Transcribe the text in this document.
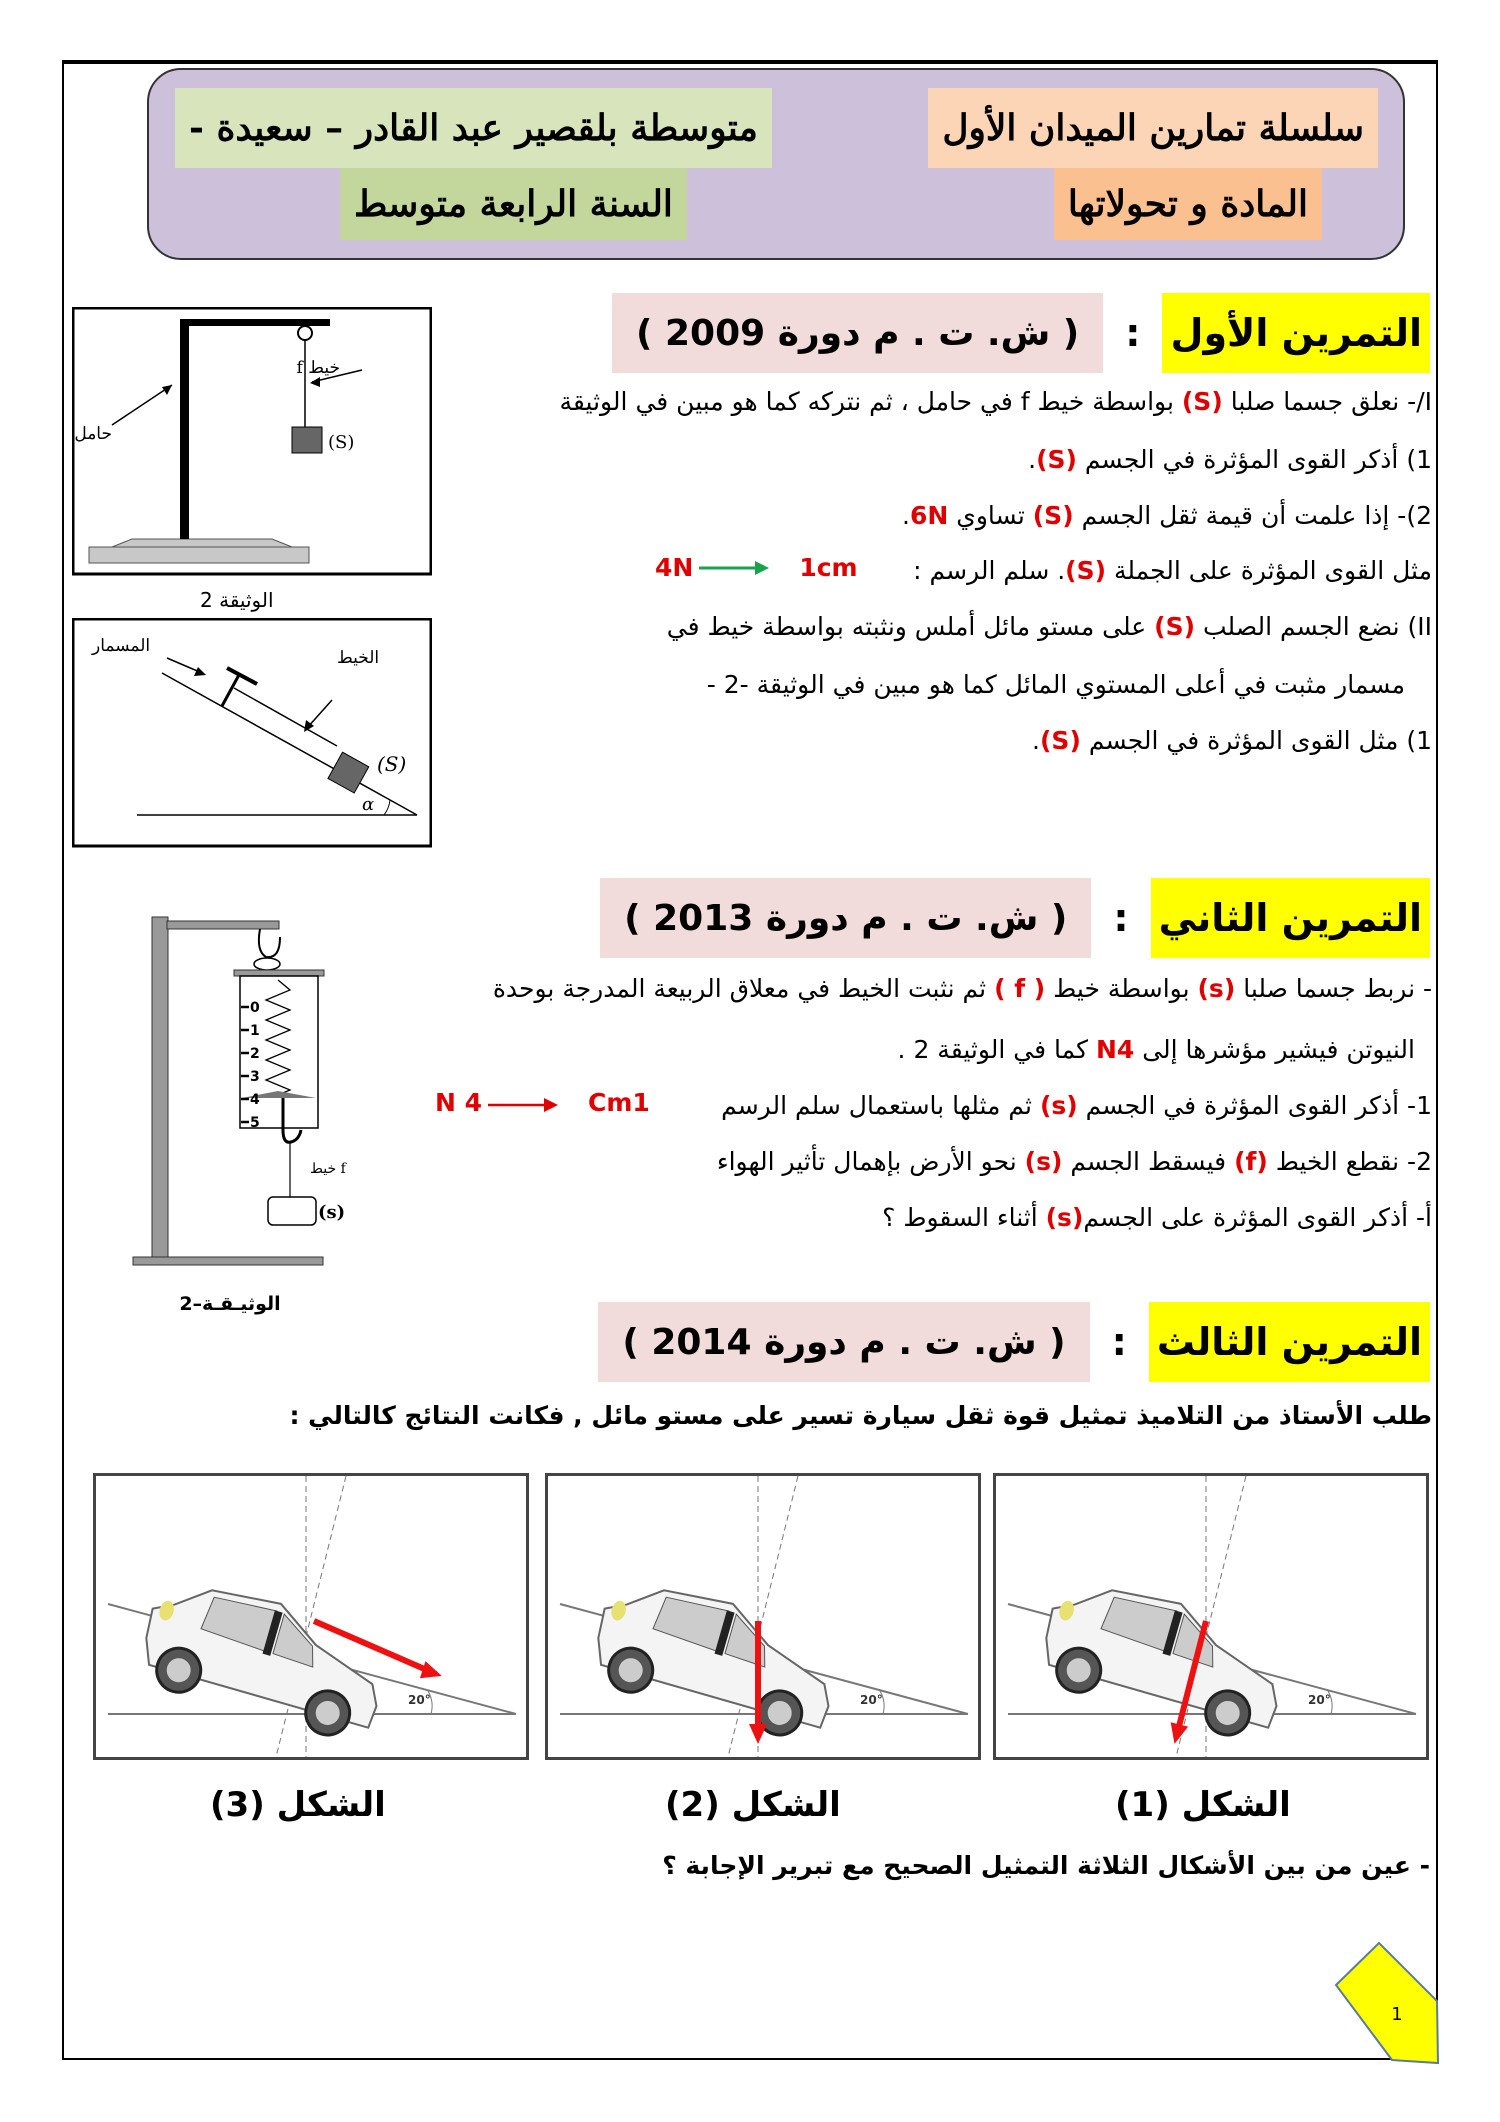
سلسلة تمارين الميدان الأول
المادة و تحولاتها
متوسطة بلقصير عبد القادر – سعيدة -
السنة الرابعة متوسط
التمرين الأول
:
( ش. ت . م دورة 2009 )
I/- نعلق جسما صلبا (S) بواسطة خيط f في حامل ، ثم نتركه كما هو مبين في الوثيقة
1) أذكر القوى المؤثرة في الجسم (S).
2)- إذا علمت أن قيمة ثقل الجسم (S) تساوي 6N.
مثل القوى المؤثرة على الجملة (S). سلم الرسم :
II) نضع الجسم الصلب (S) على مستو مائل أملس ونثبته بواسطة خيط في
مسمار مثبت في أعلى المستوي المائل كما هو مبين في الوثيقة -2 -
1) مثل القوى المؤثرة في الجسم (S).
4N	1cm
خيط f
حامل	(S)
الوثيقة 2
المسمار
الخيط
(S)
α
التمرين الثاني
:
( ش. ت . م دورة 2013 )
- نربط جسما صلبا (s) بواسطة خيط ( f ) ثم نثبت الخيط في معلاق الربيعة المدرجة بوحدة
النيوتن فيشير مؤشرها إلى N4 كما في الوثيقة 2 .
1- أذكر القوى المؤثرة في الجسم (s) ثم مثلها باستعمال سلم الرسم
2- نقطع الخيط (f) فيسقط الجسم (s) نحو الأرض بإهمال تأثير الهواء
أ- أذكر القوى المؤثرة على الجسم(s) أثناء السقوط ؟
N 4	Cm1
0
1
2
3
4
5
خيط f
(s)
الوثيـقـة–2
التمرين الثالث
:
( ش. ت . م دورة 2014 )
طلب الأستاذ من التلاميذ تمثيل قوة ثقل سيارة تسير على مستو مائل , فكانت النتائج كالتالي :
20°
الشكل (3)
20°
الشكل (2)
20°
الشكل (1)
- عين من بين الأشكال الثلاثة التمثيل الصحيح مع تبرير الإجابة ؟
1
